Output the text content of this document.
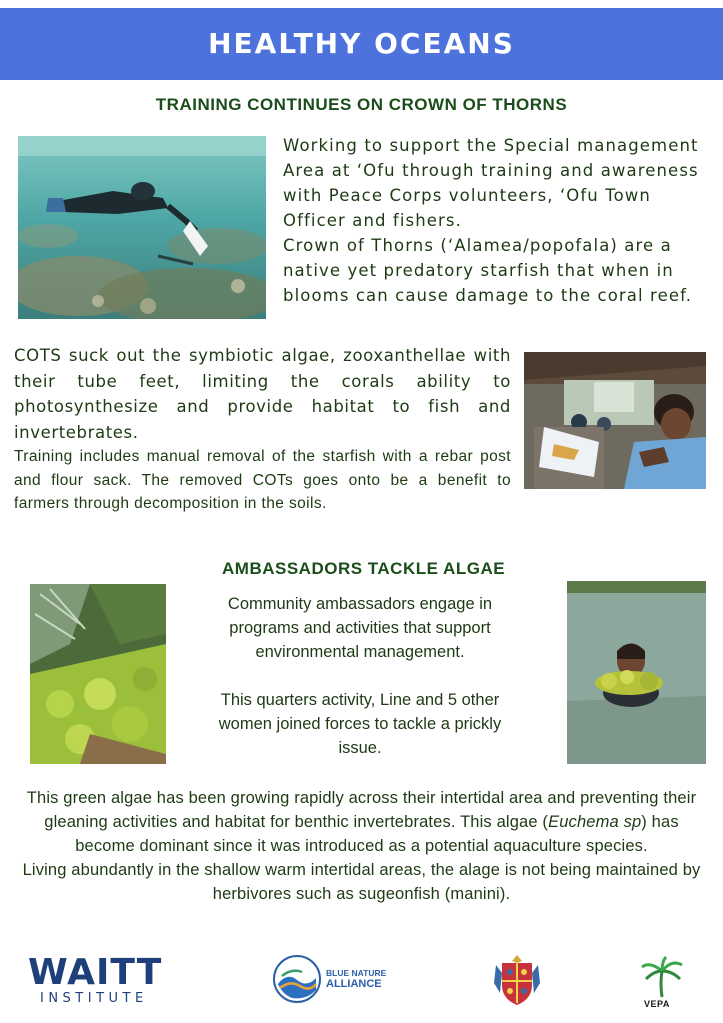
HEALTHY OCEANS
TRAINING CONTINUES ON CROWN OF THORNS

Working to support the Special management Area at ‘Ofu through training and awareness with Peace Corps volunteers, ‘Ofu Town Officer and fishers.

Crown of Thorns (‘Alamea/popofala) are a native yet predatory starfish that when in blooms can cause damage to the coral reef.

COTS suck out the symbiotic algae, zooxanthellae with their tube feet, limiting the corals ability to photosynthesize and provide habitat to fish and invertebrates.

Training includes manual removal of the starfish with a rebar post and flour sack. The removed COTs goes onto be a benefit to farmers through decomposition in the soils.

AMBASSADORS TACKLE ALGAE

Community ambassadors engage in programs and activities that support environmental management.

This quarters activity, Line and 5 other women joined forces to tackle a prickly issue.

This green algae has been growing rapidly across their intertidal area and preventing their gleaning activities and habitat for benthic invertebrates. This algae (Euchema sp) has become dominant since it was introduced as a potential aquaculture species.

Living abundantly in the shallow warm intertidal areas, the alage is not being maintained by herbivores such as sugeonfish (manini).

WAITT
INSTITUTE
BLUE NATURE
ALLIANCE
VEPA
